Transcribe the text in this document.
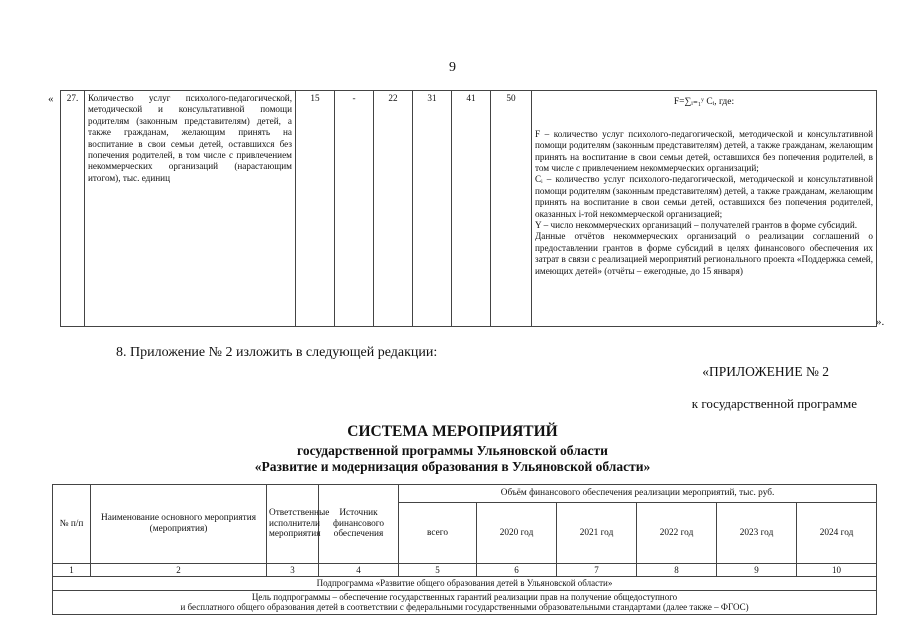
9
« 27.	Количество услуг психолого-педагогической, методической и консультативной помощи родителям (законным представителям) детей, а также гражданам, желающим принять на воспитание в свои семьи детей, оставшихся без попечения родителей, в том числе с привлечением некоммерческих организаций (нарастающим итогом), тыс. единиц	15	-	22	31	41	50	F=∑ᵢ₌₁ʸ Cᵢ, где:

F – количество услуг психолого-педагогической, методической и консультативной помощи родителям (законным представителям) детей, а также гражданам, желающим принять на воспитание в свои семьи детей, оставшихся без попечения родителей, в том числе с привлечением некоммерческих организаций;

Cᵢ – количество услуг психолого-педагогической, методической и консультативной помощи родителям (законным представителям) детей, а также гражданам, желающим принять на воспитание в свои семьи детей, оставшихся без попечения родителей, оказанных i-той некоммерческой организацией;

Y – число некоммерческих организаций – получателей грантов в форме субсидий.

Данные отчётов некоммерческих организаций о реализации соглашений о предоставлении грантов в форме субсидий в целях финансового обеспечения их затрат в связи с реализацией мероприятий регионального проекта «Поддержка семей, имеющих детей» (отчёты – ежегодные, до 15 января)

».
8. Приложение № 2 изложить в следующей редакции:
«ПРИЛОЖЕНИЕ № 2
к государственной программе
СИСТЕМА МЕРОПРИЯТИЙ
государственной программы Ульяновской области
«Развитие и модернизация образования в Ульяновской области»
№ п/п	Наименование основного мероприятия (мероприятия)	Ответственные исполнители мероприятия	Источник финансового обеспечения	Объём финансового обеспечения реализации мероприятий, тыс. руб.					
				всего	2020 год	2021 год	2022 год	2023 год	2024 год
1	2	3	4	5	6	7	8	9	10
Подпрограмма «Развитие общего образования детей в Ульяновской области»									
Цель подпрограммы – обеспечение государственных гарантий реализации прав на получение общедоступного
и бесплатного общего образования детей в соответствии с федеральными государственными образовательными стандартами (далее также – ФГОС)									
